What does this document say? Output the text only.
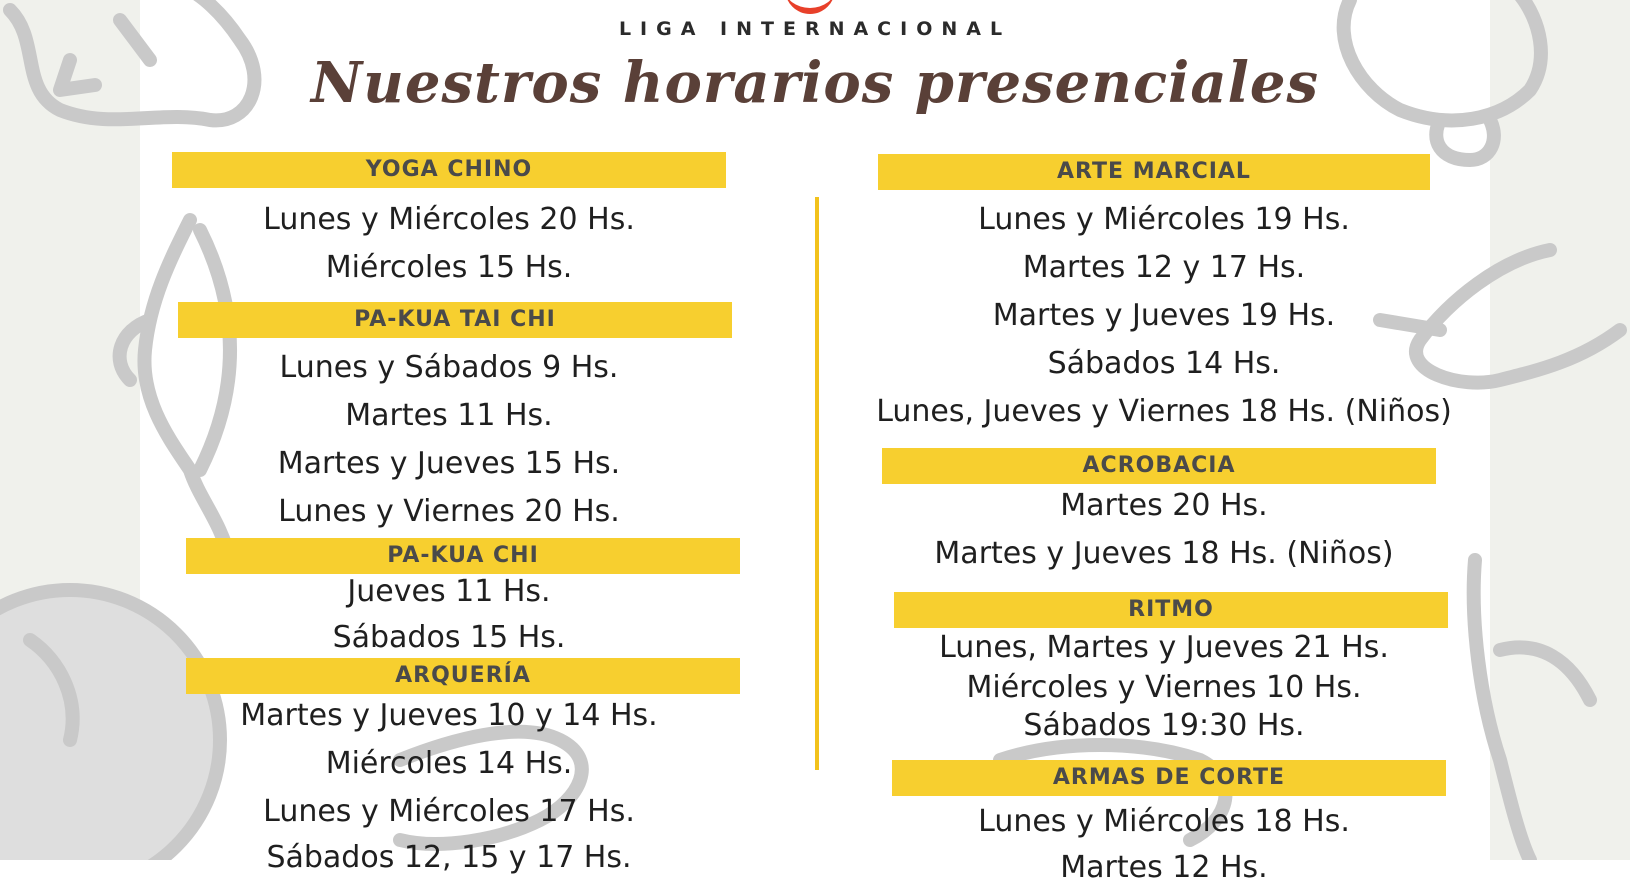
LIGA INTERNACIONAL
Nuestros horarios presenciales
YOGA CHINO
Lunes y Miércoles 20 Hs.
Miércoles 15 Hs.
PA-KUA TAI CHI
Lunes y Sábados 9 Hs.
Martes 11 Hs.
Martes y Jueves 15 Hs.
Lunes y Viernes 20 Hs.
PA-KUA CHI
Jueves 11 Hs.
Sábados 15 Hs.
ARQUERÍA
Martes y Jueves 10 y 14 Hs.
Miércoles 14 Hs.
Lunes y Miércoles 17 Hs.
Sábados 12, 15 y 17 Hs.
ARTE MARCIAL
Lunes y Miércoles 19 Hs.
Martes 12 y 17 Hs.
Martes y Jueves 19 Hs.
Sábados 14 Hs.
Lunes, Jueves y Viernes 18 Hs. (Niños)
ACROBACIA
Martes 20 Hs.
Martes y Jueves 18 Hs. (Niños)
RITMO
Lunes, Martes y Jueves 21 Hs.
Miércoles y Viernes 10 Hs.
Sábados 19:30 Hs.
ARMAS DE CORTE
Lunes y Miércoles 18 Hs.
Martes 12 Hs.
